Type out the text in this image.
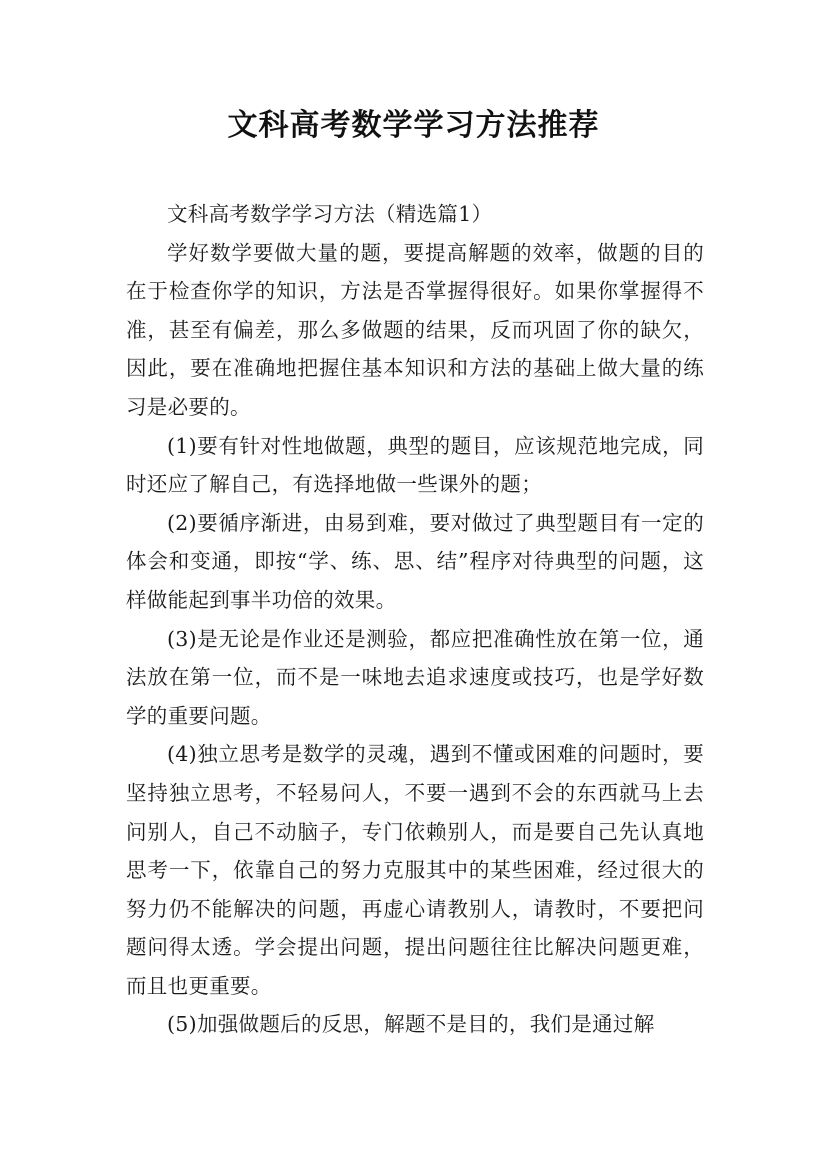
文科高考数学学习方法推荐

文科高考数学学习方法（精选篇1）

学好数学要做大量的题，要提高解题的效率，做题的目的在于检查你学的知识，方法是否掌握得很好。如果你掌握得不准，甚至有偏差，那么多做题的结果，反而巩固了你的缺欠，因此，要在准确地把握住基本知识和方法的基础上做大量的练习是必要的。

(1)要有针对性地做题，典型的题目，应该规范地完成，同时还应了解自己，有选择地做一些课外的题；

(2)要循序渐进，由易到难，要对做过了典型题目有一定的体会和变通，即按“学、练、思、结”程序对待典型的问题，这样做能起到事半功倍的效果。

(3)是无论是作业还是测验，都应把准确性放在第一位，通法放在第一位，而不是一味地去追求速度或技巧，也是学好数学的重要问题。

(4)独立思考是数学的灵魂，遇到不懂或困难的问题时，要坚持独立思考，不轻易问人，不要一遇到不会的东西就马上去问别人，自己不动脑子，专门依赖别人，而是要自己先认真地思考一下，依靠自己的努力克服其中的某些困难，经过很大的努力仍不能解决的问题，再虚心请教别人，请教时，不要把问题问得太透。学会提出问题，提出问题往往比解决问题更难，而且也更重要。

(5)加强做题后的反思，解题不是目的，我们是通过解
